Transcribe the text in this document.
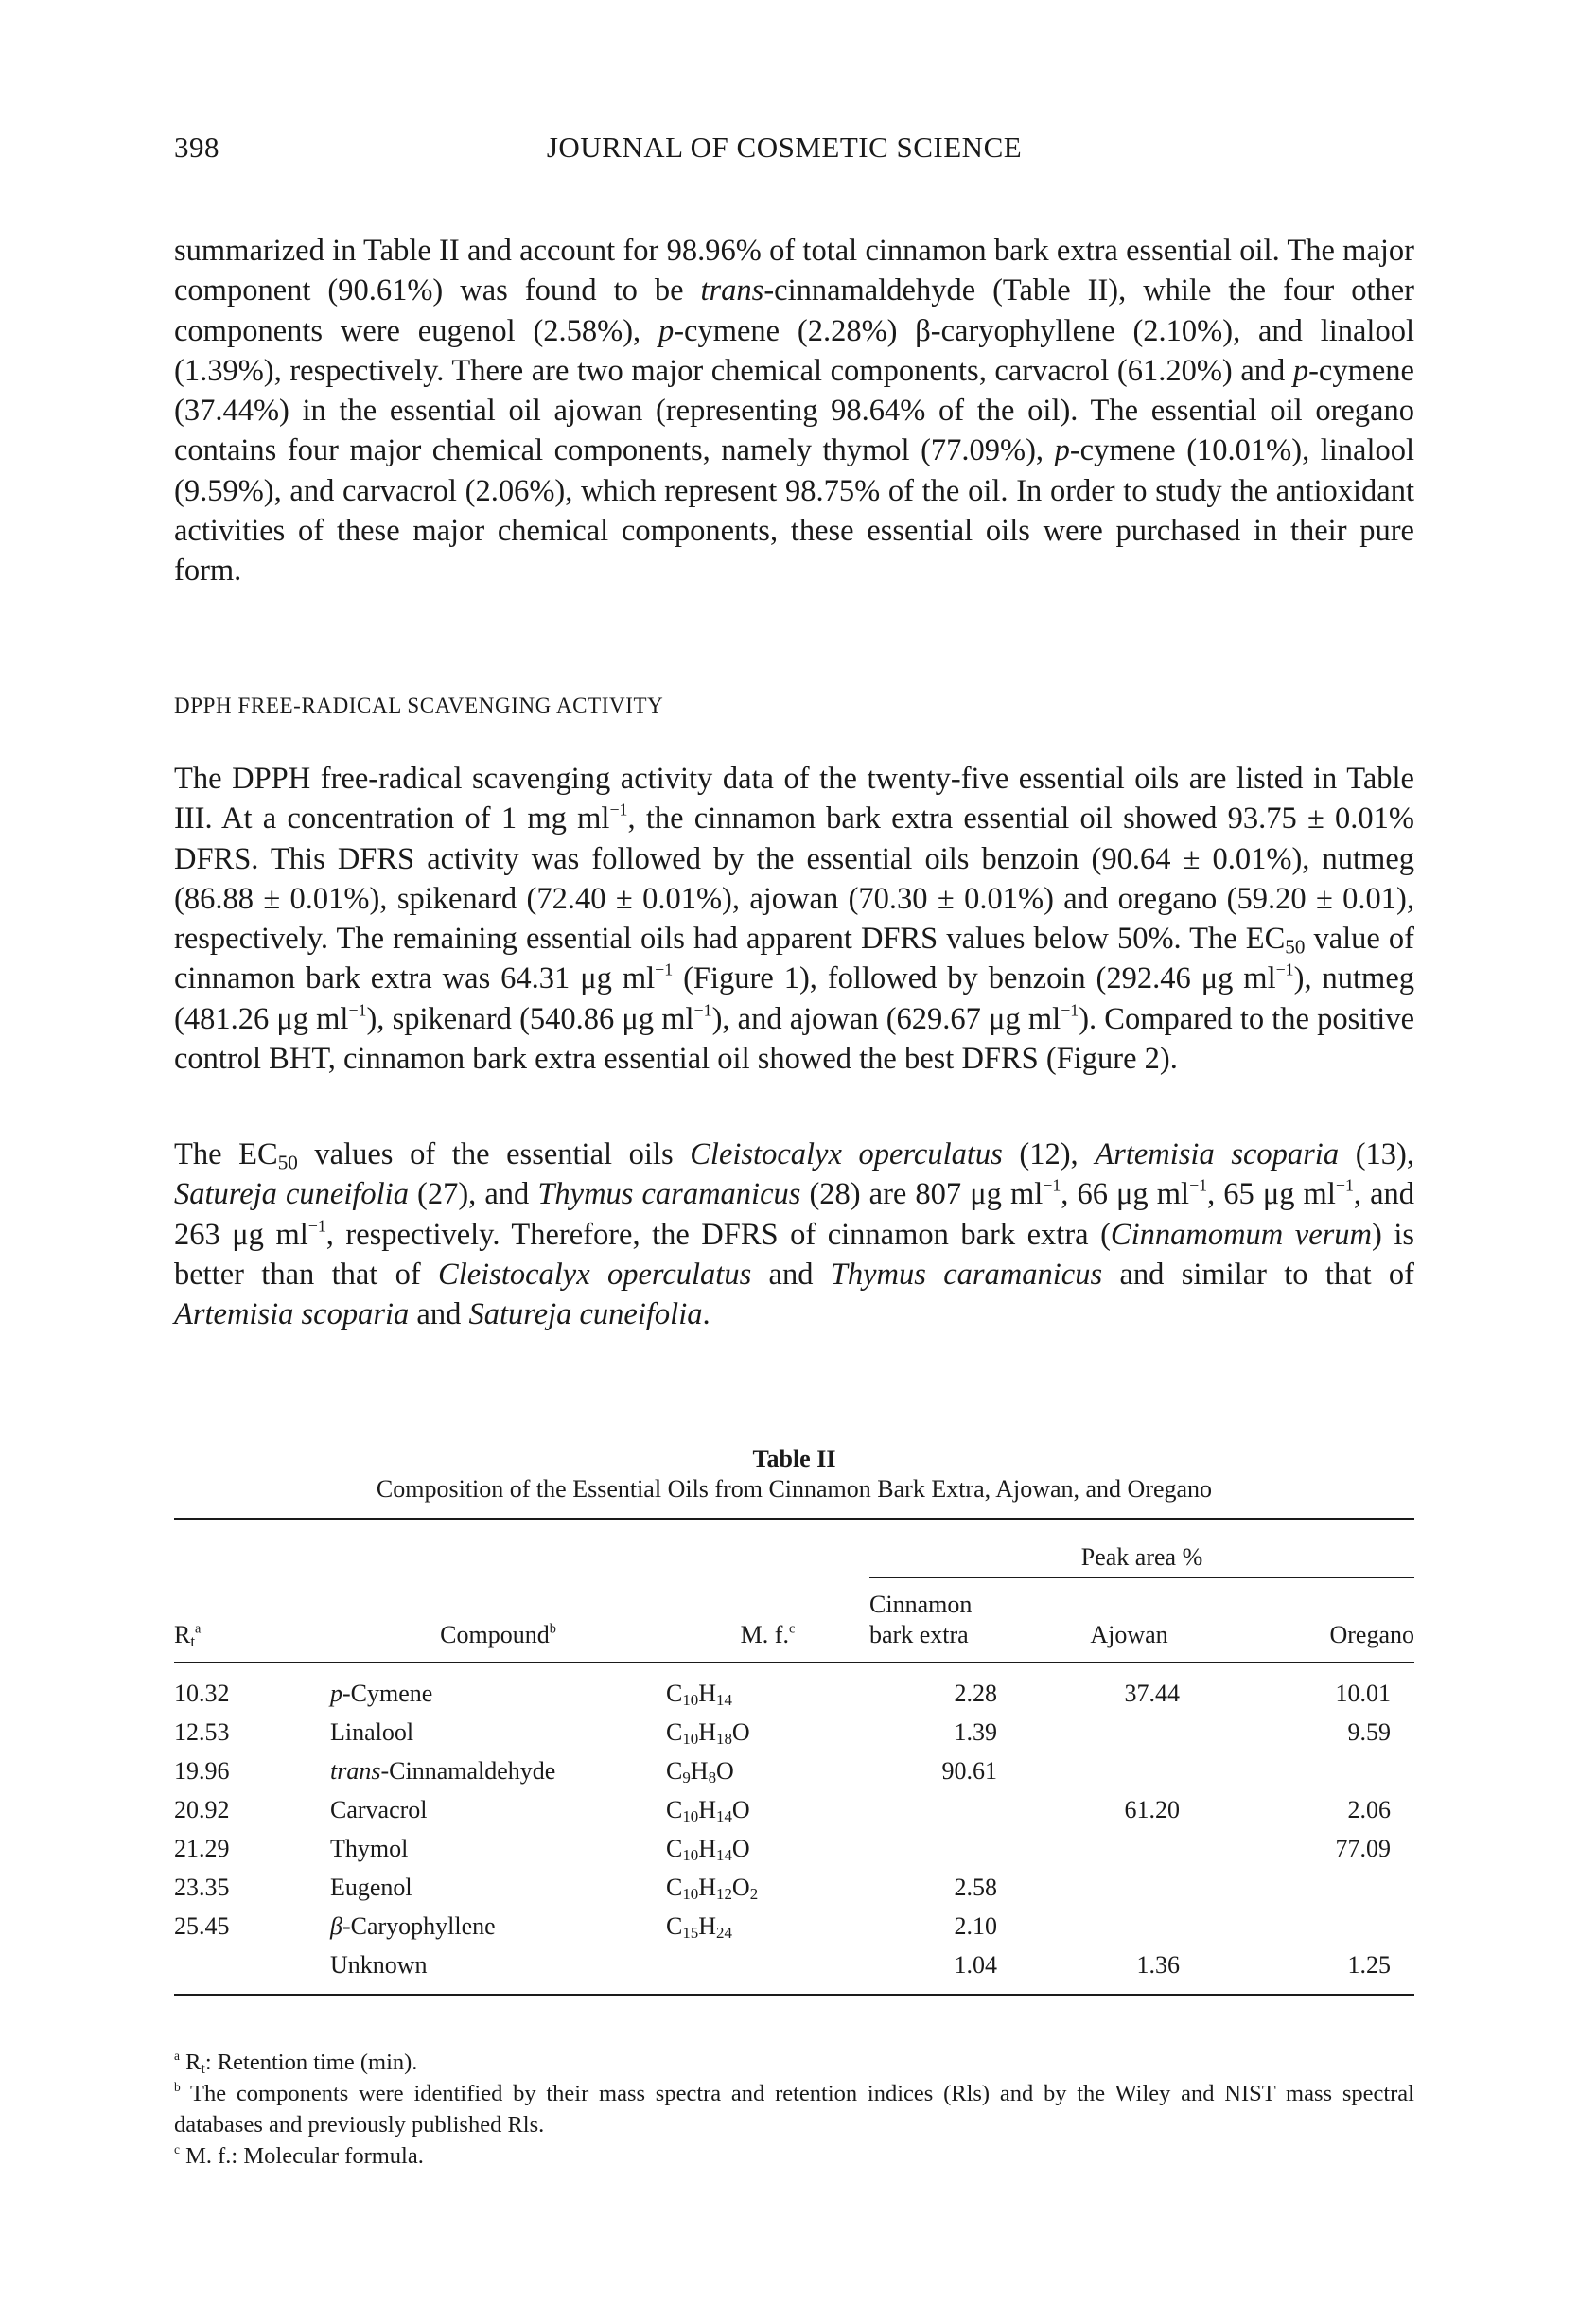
398	JOURNAL OF COSMETIC SCIENCE

summarized in Table II and account for 98.96% of total cinnamon bark extra essential oil. The major component (90.61%) was found to be trans-cinnamaldehyde (Table II), while the four other components were eugenol (2.58%), p-cymene (2.28%) β-caryophyllene (2.10%), and linalool (1.39%), respectively. There are two major chemical components, carvacrol (61.20%) and p-cymene (37.44%) in the essential oil ajowan (representing 98.64% of the oil). The essential oil oregano contains four major chemical components, namely thymol (77.09%), p-cymene (10.01%), linalool (9.59%), and carvacrol (2.06%), which represent 98.75% of the oil. In order to study the antioxidant activities of these major chemical components, these essential oils were purchased in their pure form.

DPPH FREE-RADICAL SCAVENGING ACTIVITY

The DPPH free-radical scavenging activity data of the twenty-five essential oils are listed in Table III. At a concentration of 1 mg $ml^{-1}$, the cinnamon bark extra essential oil showed 93.75 ± 0.01% DFRS. This DFRS activity was followed by the essential oils benzoin (90.64 ± 0.01%), nutmeg (86.88 ± 0.01%), spikenard (72.40 ± 0.01%), ajowan (70.30 ± 0.01%) and oregano (59.20 ± 0.01), respectively. The remaining essential oils had apparent DFRS values below 50%. The $EC_{50}$ value of cinnamon bark extra was 64.31 μg $ml^{-1}$ (Figure 1), followed by benzoin (292.46 μg $ml^{-1}$), nutmeg (481.26 μg $ml^{-1}$), spikenard (540.86 μg $ml^{-1}$), and ajowan (629.67 μg $ml^{-1}$). Compared to the positive control BHT, cinnamon bark extra essential oil showed the best DFRS (Figure 2).

The $EC_{50}$ values of the essential oils Cleistocalyx operculatus (12), Artemisia scoparia (13), Satureja cuneifolia (27), and Thymus caramanicus (28) are 807 μg $ml^{-1}$, 66 μg $ml^{-1}$, 65 μg $ml^{-1}$, and 263 μg $ml^{-1}$, respectively. Therefore, the DFRS of cinnamon bark extra (Cinnamomum verum) is better than that of Cleistocalyx operculatus and Thymus caramanicus and similar to that of Artemisia scoparia and Satureja cuneifolia.

Table II
Composition of the Essential Oils from Cinnamon Bark Extra, Ajowan, and Oregano
			Peak area %		
$R_t^a$	Compound$^b$	M. f.$^c$	Cinnamon
bark extra	Ajowan	Oregano
10.32	p-Cymene	$C_{10}H_{14}$	2.28	37.44	10.01
12.53	Linalool	$C_{10}H_{18}O$	1.39		9.59
19.96	trans-Cinnamaldehyde	$C_9H_8O$	90.61		
20.92	Carvacrol	$C_{10}H_{14}O$		61.20	2.06
21.29	Thymol	$C_{10}H_{14}O$			77.09
23.35	Eugenol	$C_{10}H_{12}O_2$	2.58		
25.45	β-Caryophyllene	$C_{15}H_{24}$	2.10		
	Unknown		1.04	1.36	1.25

$^a$ $R_t$: Retention time (min).

$^b$ The components were identified by their mass spectra and retention indices (Rls) and by the Wiley and NIST mass spectral databases and previously published Rls.

$^c$ M. f.: Molecular formula.
